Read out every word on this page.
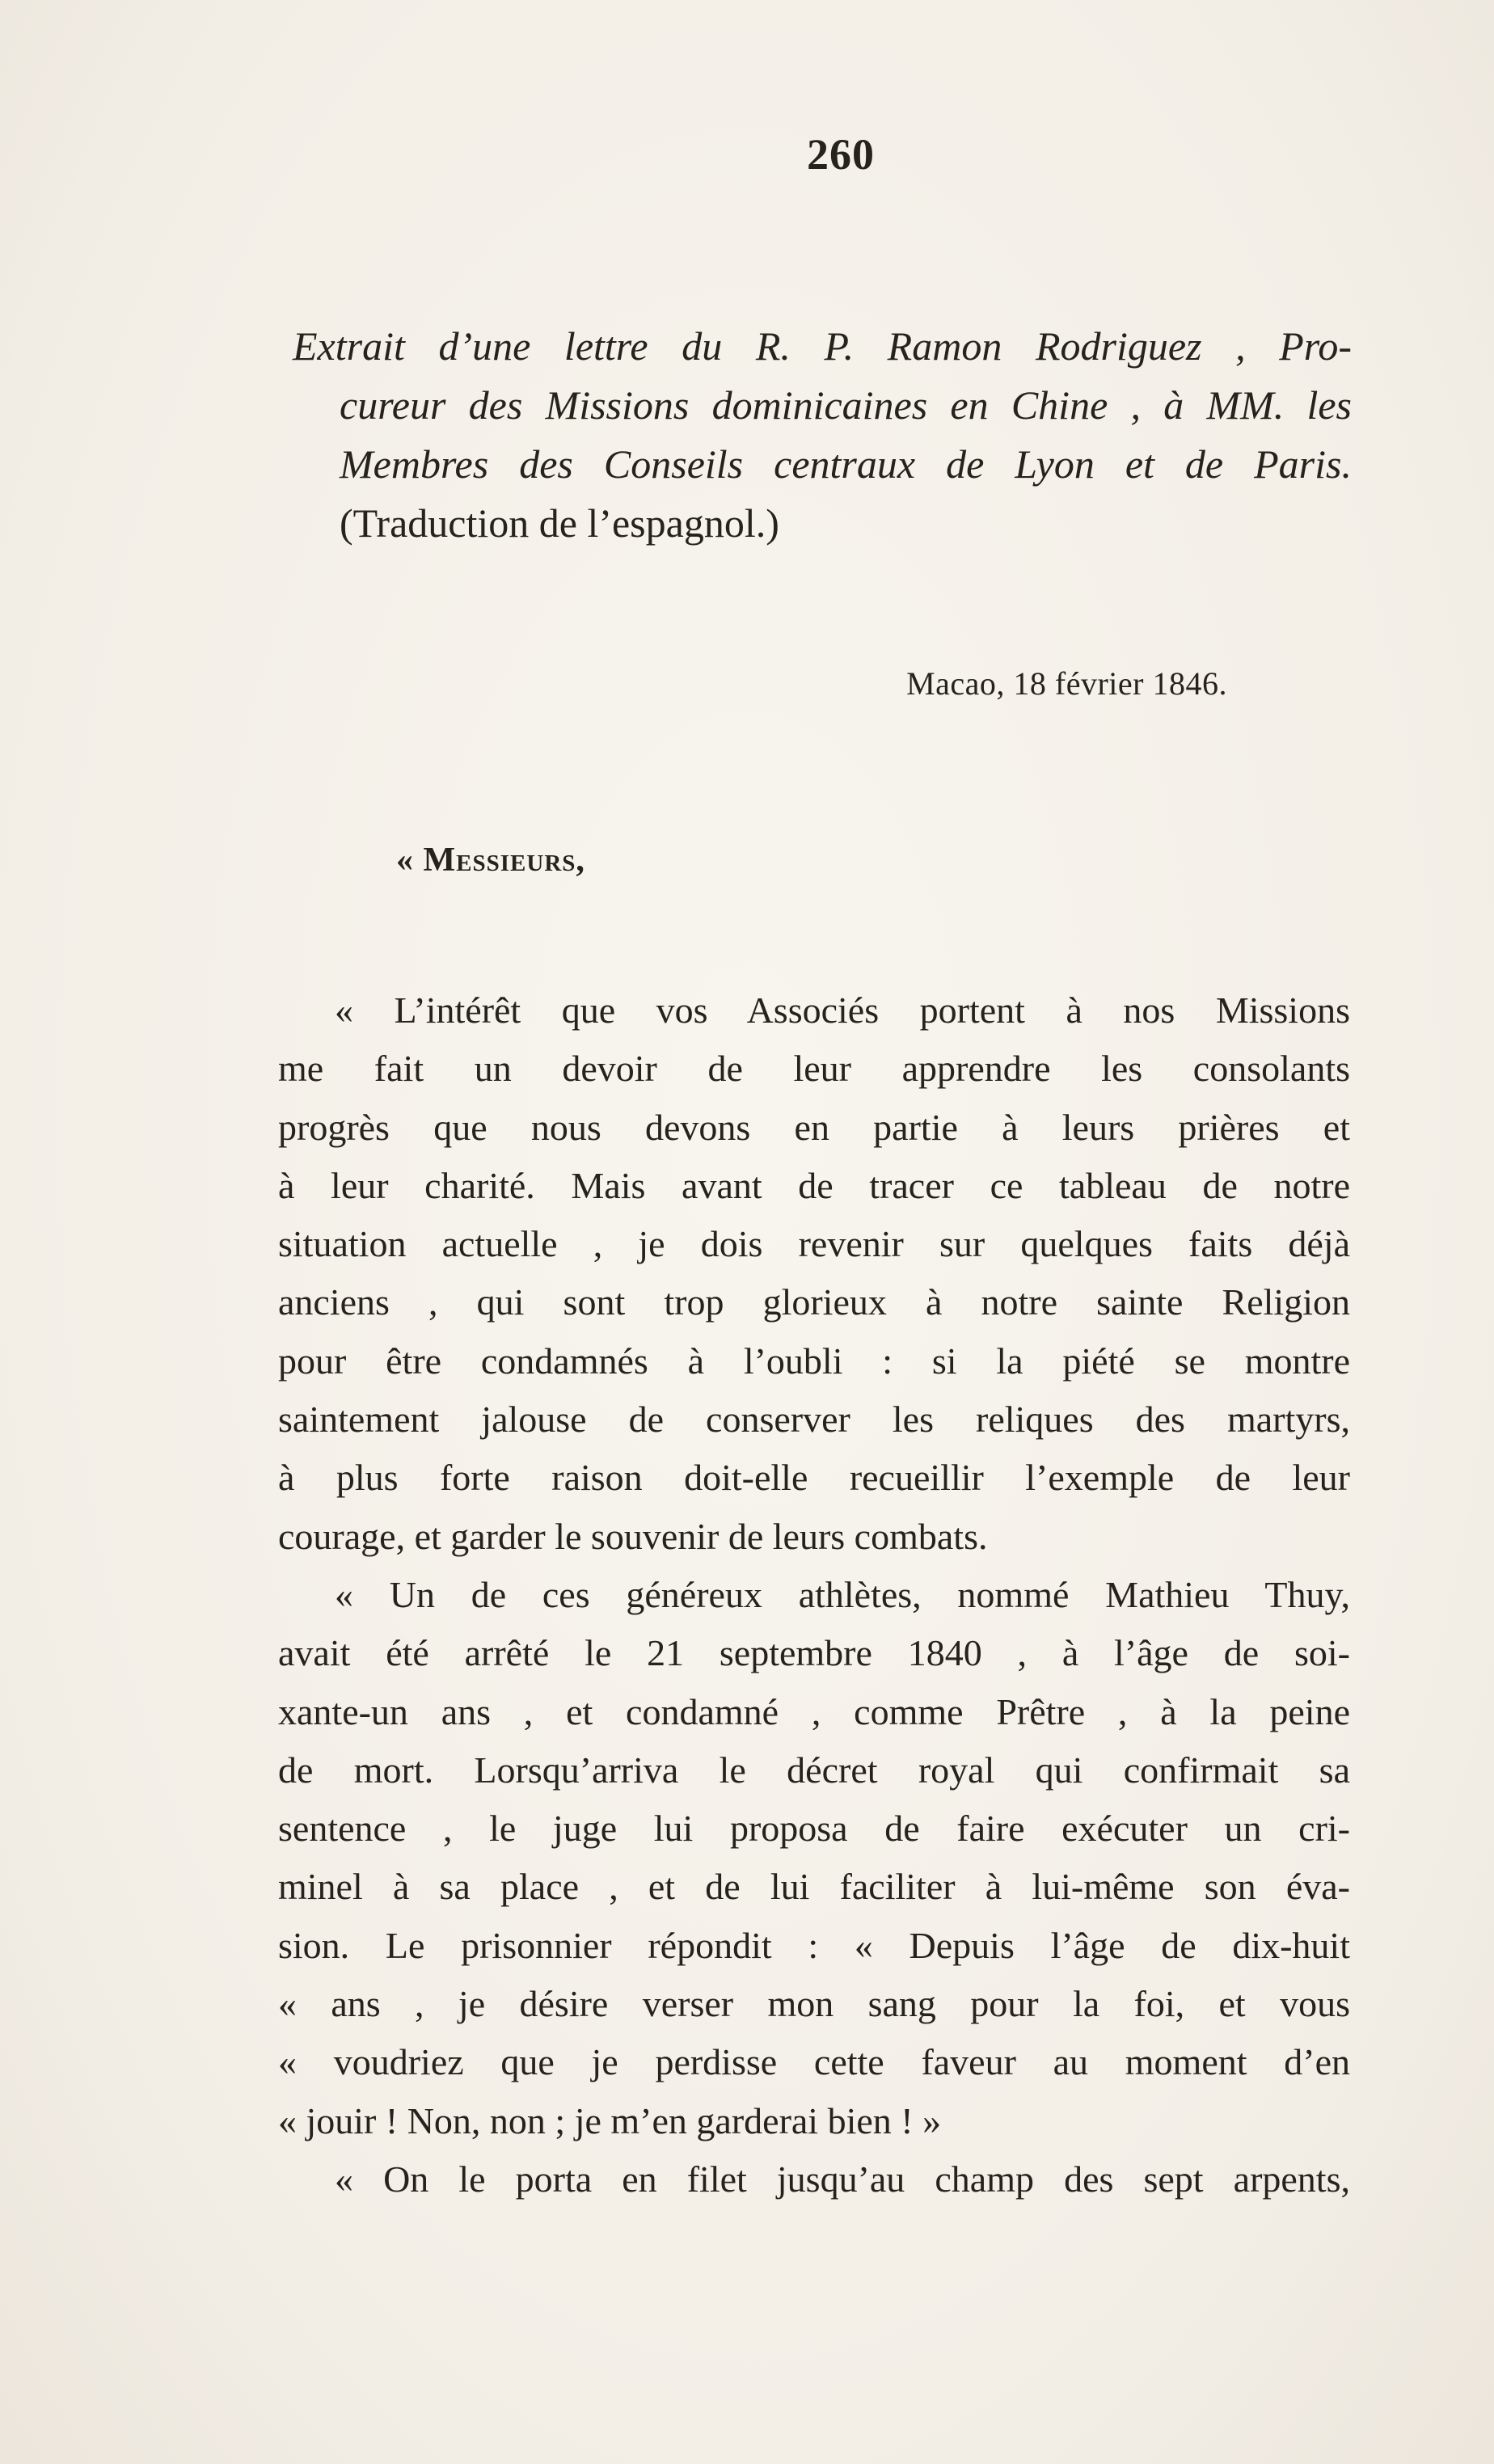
260
Extrait d’une lettre du R. P. Ramon Rodriguez , Pro-
cureur des Missions dominicaines en Chine , à MM. les
Membres des Conseils centraux de Lyon et de Paris.
(Traduction de l’espagnol.)
Macao, 18 février 1846.
« Messieurs,
« L’intérêt que vos Associés portent à nos Missions
me fait un devoir de leur apprendre les consolants
progrès que nous devons en partie à leurs prières et
à leur charité. Mais avant de tracer ce tableau de notre
situation actuelle , je dois revenir sur quelques faits déjà
anciens , qui sont trop glorieux à notre sainte Religion
pour être condamnés à l’oubli : si la piété se montre
saintement jalouse de conserver les reliques des martyrs,
à plus forte raison doit-elle recueillir l’exemple de leur
courage, et garder le souvenir de leurs combats.
« Un de ces généreux athlètes, nommé Mathieu Thuy,
avait été arrêté le 21 septembre 1840 , à l’âge de soi-
xante-un ans , et condamné , comme Prêtre , à la peine
de mort. Lorsqu’arriva le décret royal qui confirmait sa
sentence , le juge lui proposa de faire exécuter un cri-
minel à sa place , et de lui faciliter à lui-même son éva-
sion. Le prisonnier répondit : « Depuis l’âge de dix-huit
« ans , je désire verser mon sang pour la foi, et vous
« voudriez que je perdisse cette faveur au moment d’en
« jouir ! Non, non ; je m’en garderai bien ! »
« On le porta en filet jusqu’au champ des sept arpents,
